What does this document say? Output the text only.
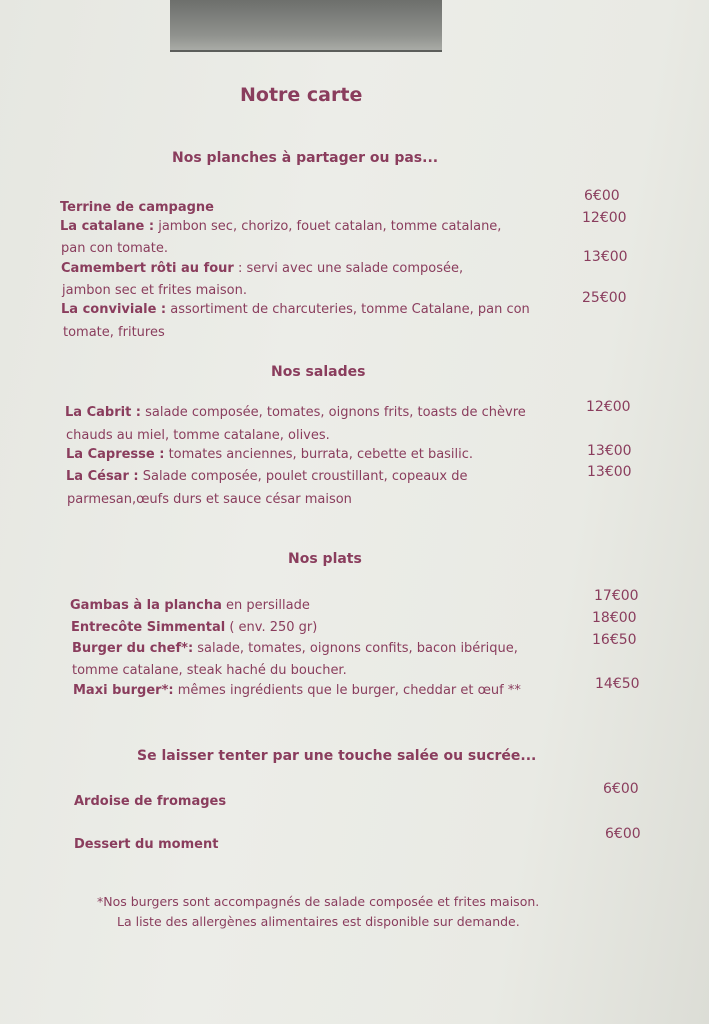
Notre carte
Nos planches à partager ou pas...
6€00
Terrine de campagne
12€00
La catalane : jambon sec, chorizo, fouet catalan, tomme catalane,
pan con tomate.
13€00
Camembert rôti au four : servi avec une salade composée,
jambon sec et frites maison.	25€00
La conviviale : assortiment de charcuteries, tomme Catalane, pan con
tomate, fritures
Nos salades
12€00
La Cabrit : salade composée, tomates, oignons frits, toasts de chèvre
chauds au miel, tomme catalane, olives.
13€00
La Capresse : tomates anciennes, burrata, cebette et basilic.
13€00
La César : Salade composée, poulet croustillant, copeaux de
parmesan,œufs durs et sauce césar maison
Nos plats
17€00
Gambas à la plancha en persillade
18€00
Entrecôte Simmental ( env. 250 gr)
16€50
Burger du chef*: salade, tomates, oignons confits, bacon ibérique,
tomme catalane, steak haché du boucher.
14€50
Maxi burger*: mêmes ingrédients que le burger, cheddar et œuf **
Se laisser tenter par une touche salée ou sucrée...
6€00
Ardoise de fromages
6€00
Dessert du moment
*Nos burgers sont accompagnés de salade composée et frites maison.
La liste des allergènes alimentaires est disponible sur demande.
